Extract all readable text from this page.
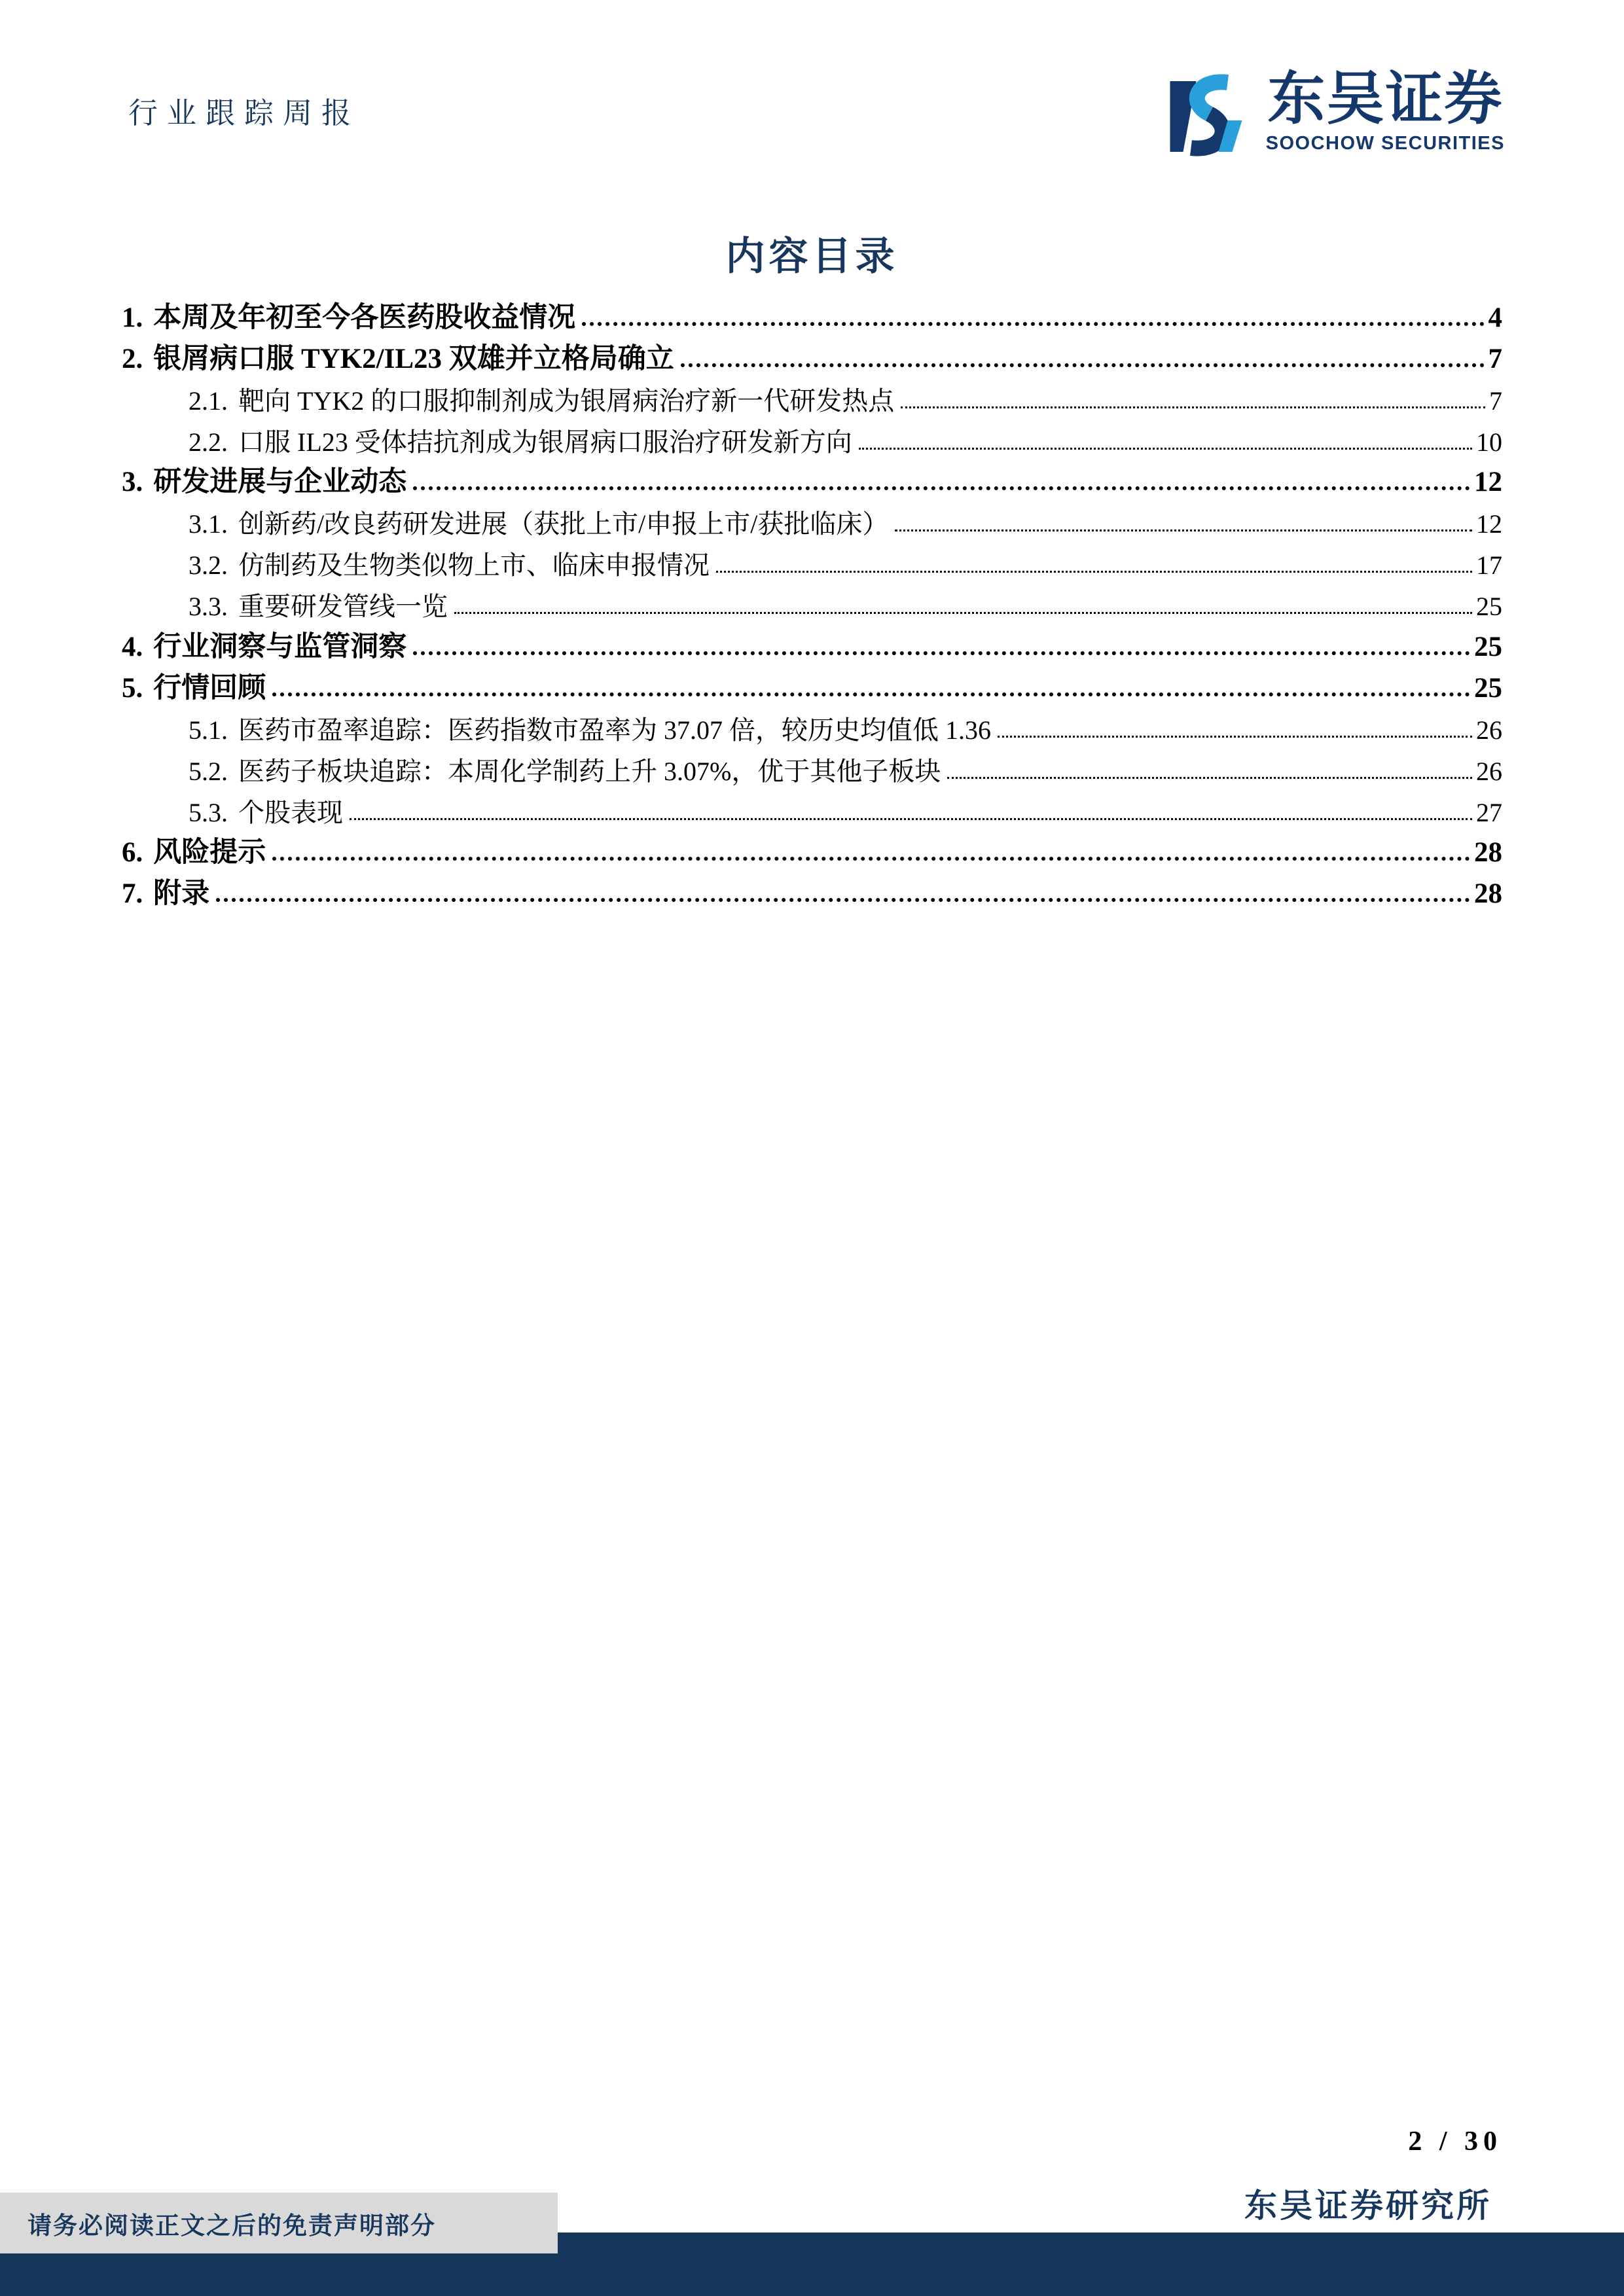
行业跟踪周报	东吴证券
SOOCHOW SECURITIES
内容目录
1. 本周及年初至今各医药股收益情况	4
2. 银屑病口服 TYK2/IL23 双雄并立格局确立	7
2.1. 靶向 TYK2 的口服抑制剂成为银屑病治疗新一代研发热点	7
2.2. 口服 IL23 受体拮抗剂成为银屑病口服治疗研发新方向	10
3. 研发进展与企业动态	12
3.1. 创新药/改良药研发进展（获批上市/申报上市/获批临床）	12
3.2. 仿制药及生物类似物上市、临床申报情况	17
3.3. 重要研发管线一览	25
4. 行业洞察与监管洞察	25
5. 行情回顾	25
5.1. 医药市盈率追踪：医药指数市盈率为 37.07 倍，较历史均值低 1.36	26
5.2. 医药子板块追踪：本周化学制药上升 3.07%，优于其他子板块	26
5.3. 个股表现	27
6. 风险提示	28
7. 附录	28
2 / 30
东吴证券研究所
请务必阅读正文之后的免责声明部分
